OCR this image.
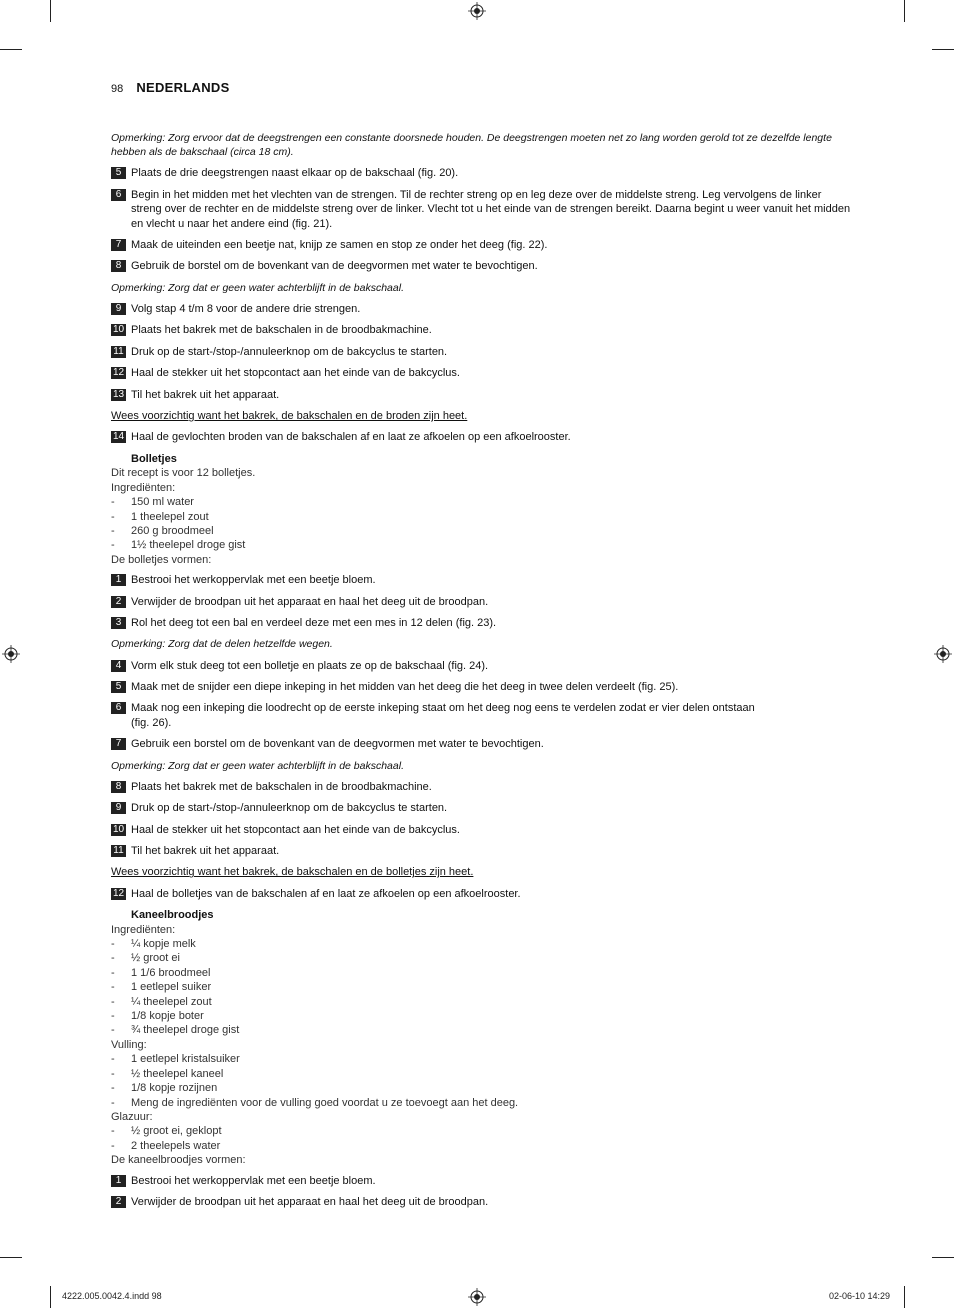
98 NEDERLANDS
Opmerking: Zorg ervoor dat de deegstrengen een constante doorsnede houden. De deegstrengen moeten net zo lang worden gerold tot ze dezelfde lengte hebben als de bakschaal (circa 18 cm).
5 Plaats de drie deegstrengen naast elkaar op de bakschaal (fig. 20).
6 Begin in het midden met het vlechten van de strengen. Til de rechter streng op en leg deze over de middelste streng. Leg vervolgens de linker streng over de rechter en de middelste streng over de linker. Vlecht tot u het einde van de strengen bereikt. Daarna begint u weer vanuit het midden en vlecht u naar het andere eind (fig. 21).
7 Maak de uiteinden een beetje nat, knijp ze samen en stop ze onder het deeg (fig. 22).
8 Gebruik de borstel om de bovenkant van de deegvormen met water te bevochtigen.
Opmerking: Zorg dat er geen water achterblijft in de bakschaal.
9 Volg stap 4 t/m 8 voor de andere drie strengen.
10 Plaats het bakrek met de bakschalen in de broodbakmachine.
11 Druk op de start-/stop-/annuleerknop om de bakcyclus te starten.
12 Haal de stekker uit het stopcontact aan het einde van de bakcyclus.
13 Til het bakrek uit het apparaat.
Wees voorzichtig want het bakrek, de bakschalen en de broden zijn heet.
14 Haal de gevlochten broden van de bakschalen af en laat ze afkoelen op een afkoelrooster.
Bolletjes
Dit recept is voor 12 bolletjes.
Ingrediënten:
- 150 ml water
- 1 theelepel zout
- 260 g broodmeel
- 1½ theelepel droge gist
De bolletjes vormen:
1 Bestrooi het werkoppervlak met een beetje bloem.
2 Verwijder de broodpan uit het apparaat en haal het deeg uit de broodpan.
3 Rol het deeg tot een bal en verdeel deze met een mes in 12 delen (fig. 23).
Opmerking: Zorg dat de delen hetzelfde wegen.
4 Vorm elk stuk deeg tot een bolletje en plaats ze op de bakschaal (fig. 24).
5 Maak met de snijder een diepe inkeping in het midden van het deeg die het deeg in twee delen verdeelt (fig. 25).
6 Maak nog een inkeping die loodrecht op de eerste inkeping staat om het deeg nog eens te verdelen zodat er vier delen ontstaan (fig. 26).
7 Gebruik een borstel om de bovenkant van de deegvormen met water te bevochtigen.
Opmerking: Zorg dat er geen water achterblijft in de bakschaal.
8 Plaats het bakrek met de bakschalen in de broodbakmachine.
9 Druk op de start-/stop-/annuleerknop om de bakcyclus te starten.
10 Haal de stekker uit het stopcontact aan het einde van de bakcyclus.
11 Til het bakrek uit het apparaat.
Wees voorzichtig want het bakrek, de bakschalen en de bolletjes zijn heet.
12 Haal de bolletjes van de bakschalen af en laat ze afkoelen op een afkoelrooster.
Kaneelbroodjes
Ingrediënten:
- ¼ kopje melk
- ½ groot ei
- 1 1/6 broodmeel
- 1 eetlepel suiker
- ¼ theelepel zout
- 1/8 kopje boter
- ¾ theelepel droge gist
Vulling:
- 1 eetlepel kristalsuiker
- ½ theelepel kaneel
- 1/8 kopje rozijnen
- Meng de ingrediënten voor de vulling goed voordat u ze toevoegt aan het deeg.
Glazuur:
- ½ groot ei, geklopt
- 2 theelepels water
De kaneelbroodjes vormen:
1 Bestrooi het werkoppervlak met een beetje bloem.
2 Verwijder de broodpan uit het apparaat en haal het deeg uit de broodpan.
4222.005.0042.4.indd 98	02-06-10 14:29
